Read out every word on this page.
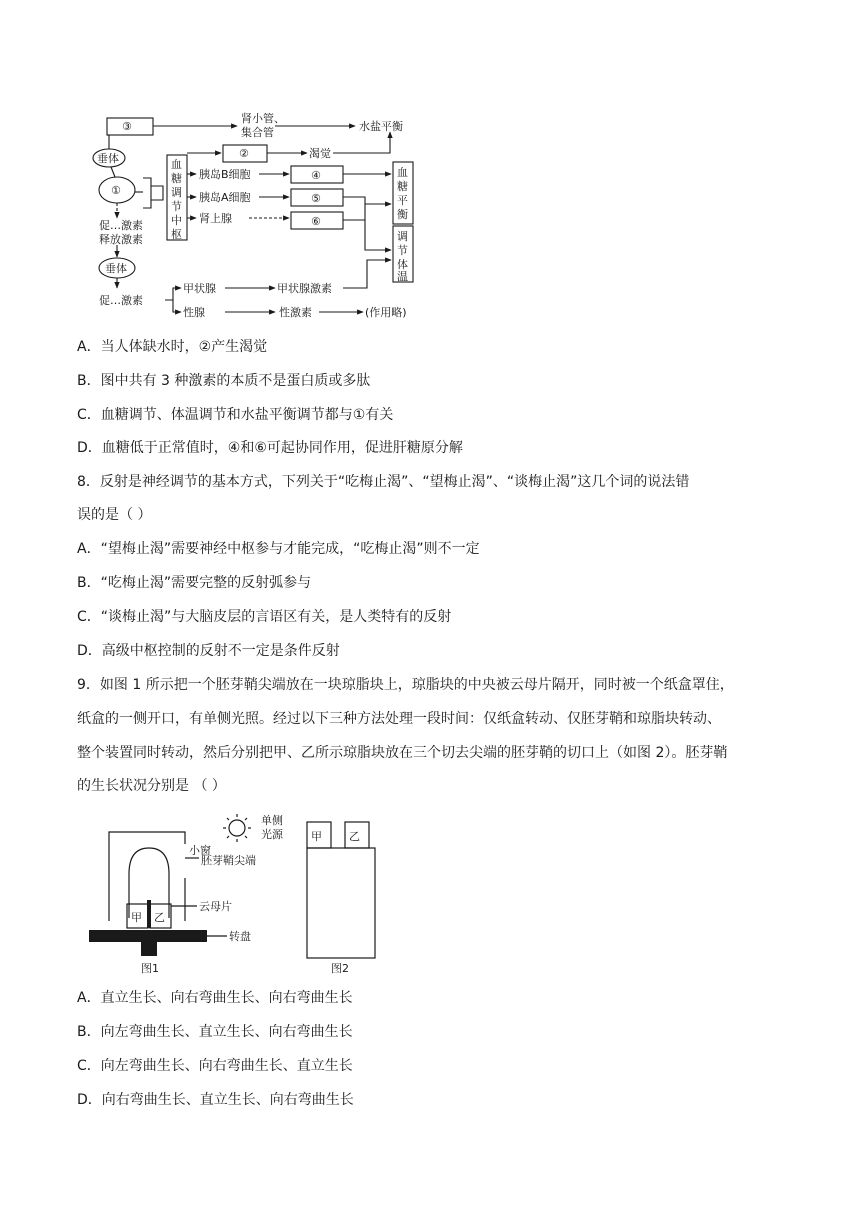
③
肾小管、
集合管	水盐平衡
垂体
①
②	渴觉
血
糖
调
节
中
枢
胰岛B细胞
胰岛A细胞
肾上腺
④
⑤
⑥
血
糖
平
衡
调
节
体
温
促…激素
释放激素
垂体
促…激素
甲状腺	甲状腺激素
性腺	性激素	(作用略)
A．当人体缺水时，②产生渴觉
B．图中共有 3 种激素的本质不是蛋白质或多肽
C．血糖调节、体温调节和水盐平衡调节都与①有关
D．血糖低于正常值时，④和⑥可起协同作用，促进肝糖原分解
8．反射是神经调节的基本方式，下列关于“吃梅止渴”、“望梅止渴”、“谈梅止渴”这几个词的说法错
误的是（ ）
A．“望梅止渴”需要神经中枢参与才能完成，“吃梅止渴”则不一定
B．“吃梅止渴”需要完整的反射弧参与
C．“谈梅止渴”与大脑皮层的言语区有关，是人类特有的反射
D．高级中枢控制的反射不一定是条件反射
9．如图 1 所示把一个胚芽鞘尖端放在一块琼脂块上，琼脂块的中央被云母片隔开，同时被一个纸盒罩住，
纸盒的一侧开口，有单侧光照。经过以下三种方法处理一段时间：仅纸盒转动、仅胚芽鞘和琼脂块转动、
整个装置同时转动，然后分别把甲、乙所示琼脂块放在三个切去尖端的胚芽鞘的切口上（如图 2）。胚芽鞘
的生长状况分别是 （ ）
单侧
光源
小窗
胚芽鞘尖端
云母片
转盘
甲 乙
图1
甲 乙
图2
A．直立生长、向右弯曲生长、向右弯曲生长
B．向左弯曲生长、直立生长、向右弯曲生长
C．向左弯曲生长、向右弯曲生长、直立生长
D．向右弯曲生长、直立生长、向右弯曲生长
